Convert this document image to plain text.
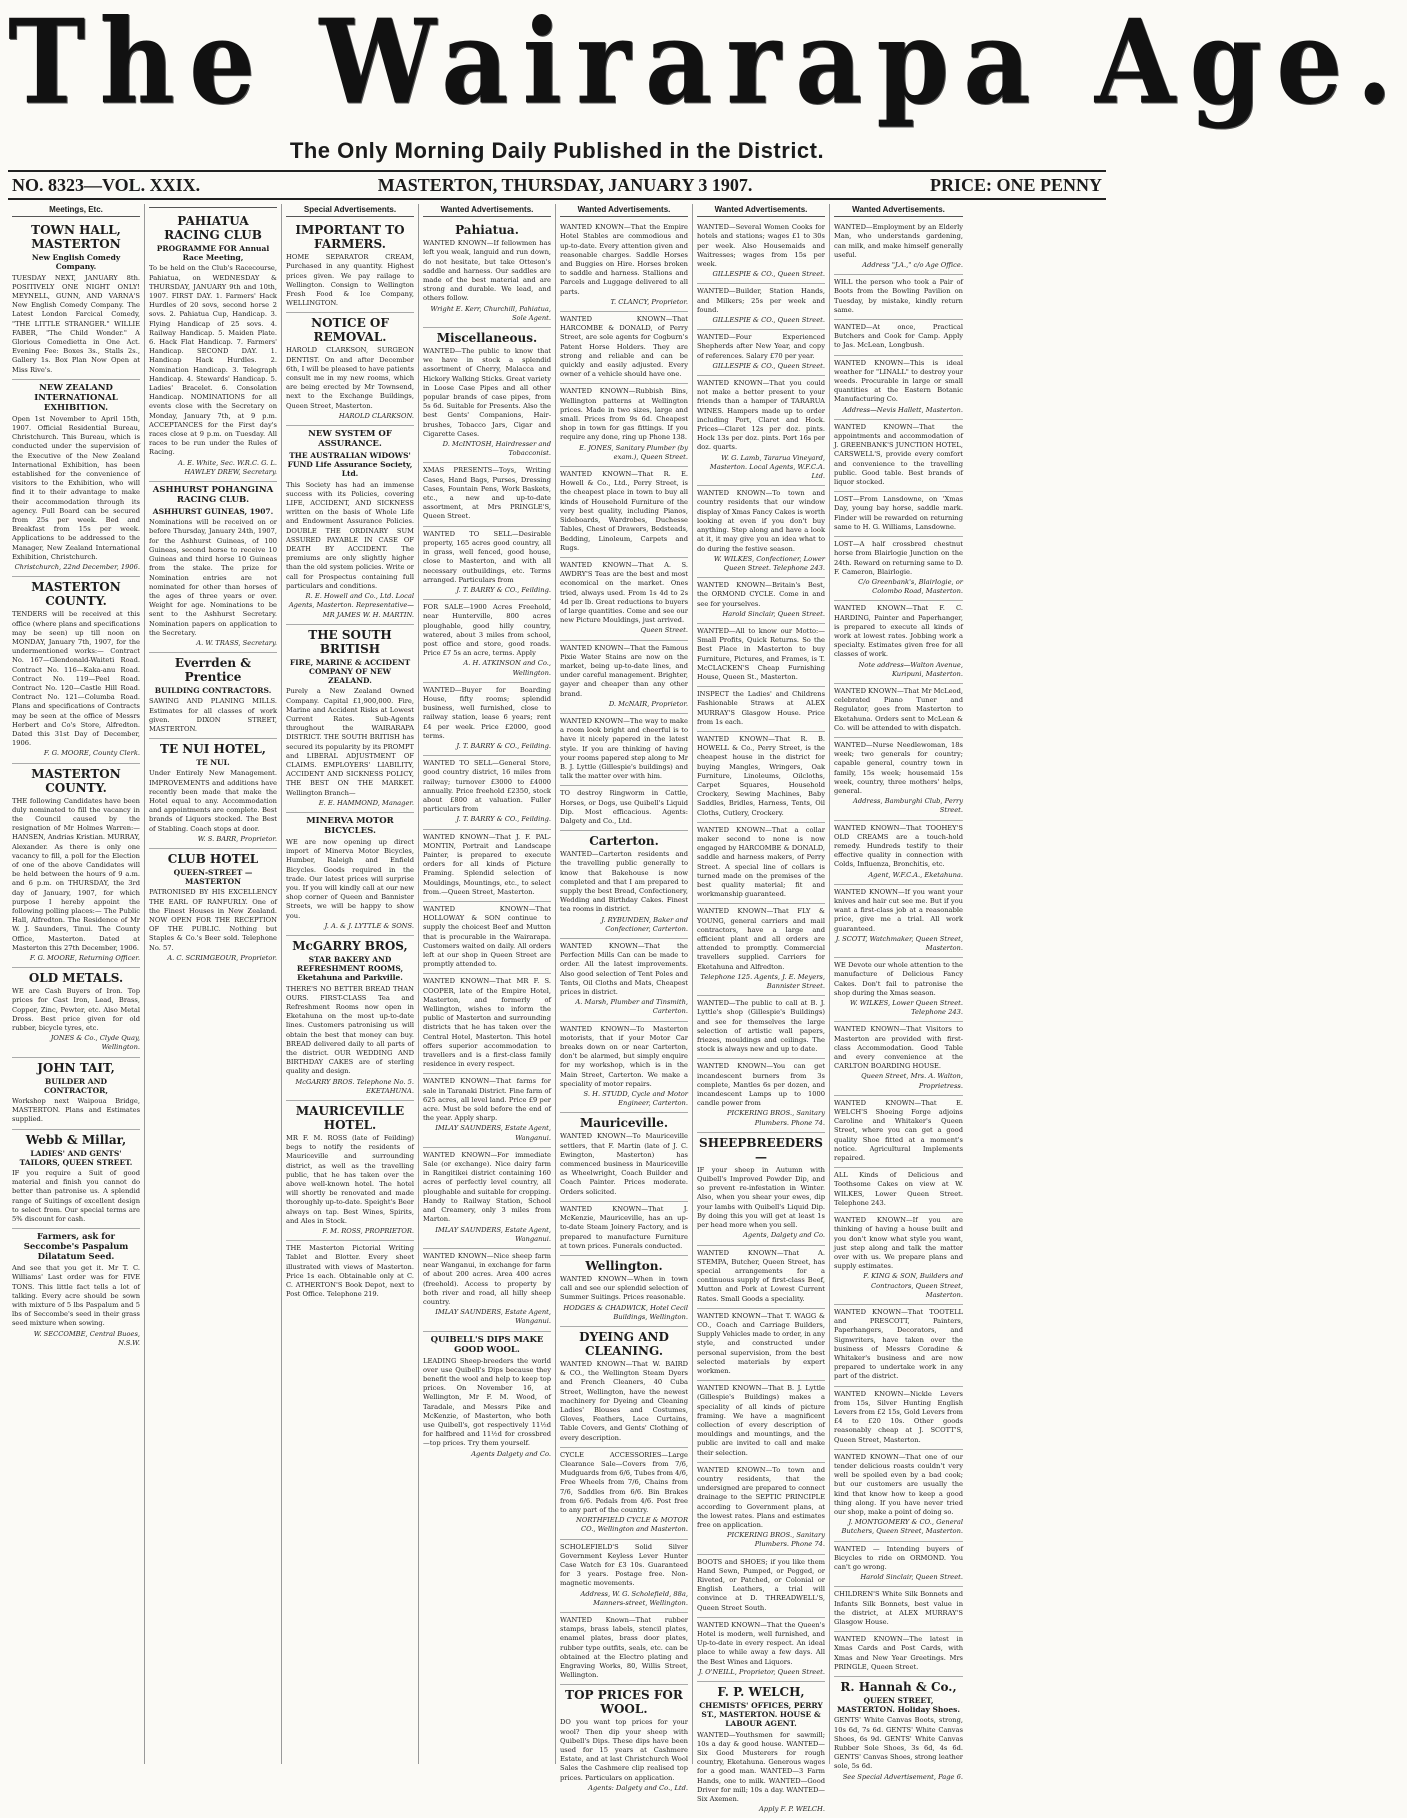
The Wairarapa Age.
The Only Morning Daily Published in the District.
NO. 8323—VOL. XXIX.	MASTERTON, THURSDAY, JANUARY 3 1907.	PRICE: ONE PENNY
Meetings, Etc.
TOWN HALL, MASTERTON
New English Comedy Company.
TUESDAY NEXT, JANUARY 8th. POSITIVELY ONE NIGHT ONLY! MEYNELL, GUNN, AND VARNA'S New English Comedy Company. The Latest London Farcical Comedy, "THE LITTLE STRANGER." WILLIE FABER, "The Child Wonder." A Glorious Comedietta in One Act. Evening Fee: Boxes 3s., Stalls 2s., Gallery 1s. Box Plan Now Open at Miss Rive's.
NEW ZEALAND INTERNATIONAL EXHIBITION.
Open 1st November to April 15th, 1907. Official Residential Bureau, Christchurch. This Bureau, which is conducted under the supervision of the Executive of the New Zealand International Exhibition, has been established for the convenience of visitors to the Exhibition, who will find it to their advantage to make their accommodation through its agency. Full Board can be secured from 25s per week. Bed and Breakfast from 15s per week. Applications to be addressed to the Manager, New Zealand International Exhibition, Christchurch.
Christchurch, 22nd December, 1906.
MASTERTON COUNTY.
TENDERS will be received at this office (where plans and specifications may be seen) up till noon on MONDAY, January 7th, 1907, for the undermentioned works:— Contract No. 167—Glendonald-Waiteti Road. Contract No. 116—Kaka-anu Road. Contract No. 119—Peel Road. Contract No. 120—Castle Hill Road. Contract No. 121—Columba Road. Plans and specifications of Contracts may be seen at the office of Messrs Herbert and Co's Store, Alfredton. Dated this 31st Day of December, 1906.
F. G. MOORE, County Clerk.
MASTERTON COUNTY.
THE following Candidates have been duly nominated to fill the vacancy in the Council caused by the resignation of Mr Holmes Warren:— HANSEN, Andrias Kristian. MURRAY, Alexander. As there is only one vacancy to fill, a poll for the Election of one of the above Candidates will be held between the hours of 9 a.m. and 6 p.m. on THURSDAY, the 3rd day of January, 1907, for which purpose I hereby appoint the following polling places:— The Public Hall, Alfredton. The Residence of Mr W. J. Saunders, Tinui. The County Office, Masterton. Dated at Masterton this 27th December, 1906.
F. G. MOORE, Returning Officer.
OLD METALS.
WE are Cash Buyers of Iron. Top prices for Cast Iron, Lead, Brass, Copper, Zinc, Pewter, etc. Also Metal Dross. Best price given for old rubber, bicycle tyres, etc.
JONES & Co., Clyde Quay, Wellington.
JOHN TAIT,
BUILDER AND CONTRACTOR,
Workshop next Waipoua Bridge, MASTERTON. Plans and Estimates supplied.
Webb & Millar,
LADIES' AND GENTS' TAILORS, QUEEN STREET.
IF you require a Suit of good material and finish you cannot do better than patronise us. A splendid range of Suitings of excellent design to select from. Our special terms are 5% discount for cash.
Farmers, ask for Seccombe's Paspalum Dilatatum Seed.
And see that you get it. Mr T. C. Williams' Last order was for FIVE TONS. This little fact tells a lot of talking. Every acre should be sown with mixture of 5 lbs Paspalum and 5 lbs of Seccombe's seed in their grass seed mixture when sowing.
W. SECCOMBE, Central Buoes, N.S.W.
PAHIATUA RACING CLUB
PROGRAMME FOR Annual Race Meeting,
To be held on the Club's Racecourse, Pahiatua, on WEDNESDAY & THURSDAY, JANUARY 9th and 10th, 1907. FIRST DAY. 1. Farmers' Hack Hurdles of 20 sovs, second horse 2 sovs. 2. Pahiatua Cup, Handicap. 3. Flying Handicap of 25 sovs. 4. Railway Handicap. 5. Maiden Plate. 6. Hack Flat Handicap. 7. Farmers' Handicap. SECOND DAY. 1. Handicap Hack Hurdles. 2. Nomination Handicap. 3. Telegraph Handicap. 4. Stewards' Handicap. 5. Ladies' Bracelet. 6. Consolation Handicap. NOMINATIONS for all events close with the Secretary on Monday, January 7th, at 9 p.m. ACCEPTANCES for the First day's races close at 9 p.m. on Tuesday. All races to be run under the Rules of Racing.
A. E. White, Sec. W.R.C. G. L. HAWLEY DREW, Secretary.
ASHHURST POHANGINA RACING CLUB.
ASHHURST GUINEAS, 1907.
Nominations will be received on or before Thursday, January 24th, 1907, for the Ashhurst Guineas, of 100 Guineas, second horse to receive 10 Guineas and third horse 10 Guineas from the stake. The prize for Nomination entries are not nominated for other than horses of the ages of three years or over. Weight for age. Nominations to be sent to the Ashhurst Secretary. Nomination papers on application to the Secretary.
A. W. TRASS, Secretary.
Everrden & Prentice
BUILDING CONTRACTORS.
SAWING AND PLANING MILLS. Estimates for all classes of work given. DIXON STREET, MASTERTON.
TE NUI HOTEL,
TE NUI.
Under Entirely New Management. IMPROVEMENTS and additions have recently been made that make the Hotel equal to any. Accommodation and appointments are complete. Best brands of Liquors stocked. The Best of Stabling. Coach stops at door.
W. S. BARR, Proprietor.
CLUB HOTEL
QUEEN-STREET — MASTERTON
PATRONISED BY HIS EXCELLENCY THE EARL OF RANFURLY. One of the Finest Houses in New Zealand. NOW OPEN FOR THE RECEPTION OF THE PUBLIC. Nothing but Staples & Co.'s Beer sold. Telephone No. 57.
A. C. SCRIMGEOUR, Proprietor.
Special Advertisements.
IMPORTANT TO FARMERS.
HOME SEPARATOR CREAM, Purchased in any quantity. Highest prices given. We pay railage to Wellington. Consign to Wellington Fresh Food & Ice Company, WELLINGTON.
NOTICE OF REMOVAL.
HAROLD CLARKSON, SURGEON DENTIST. On and after December 6th, I will be pleased to have patients consult me in my new rooms, which are being erected by Mr Townsend, next to the Exchange Buildings, Queen Street, Masterton.
HAROLD CLARKSON.
NEW SYSTEM OF ASSURANCE.
THE AUSTRALIAN WIDOWS' FUND Life Assurance Society, Ltd.
This Society has had an immense success with its Policies, covering LIFE, ACCIDENT, AND SICKNESS written on the basis of Whole Life and Endowment Assurance Policies. DOUBLE THE ORDINARY SUM ASSURED PAYABLE IN CASE OF DEATH BY ACCIDENT. The premiums are only slightly higher than the old system policies. Write or call for Prospectus containing full particulars and conditions.
R. E. Howell and Co., Ltd. Local Agents, Masterton. Representative—MR JAMES W. H. MARTIN.
THE SOUTH BRITISH
FIRE, MARINE & ACCIDENT COMPANY OF NEW ZEALAND.
Purely a New Zealand Owned Company. Capital £1,900,000. Fire, Marine and Accident Risks at Lowest Current Rates. Sub-Agents throughout the WAIRARAPA DISTRICT. THE SOUTH BRITISH has secured its popularity by its PROMPT and LIBERAL ADJUSTMENT OF CLAIMS. EMPLOYERS' LIABILITY, ACCIDENT AND SICKNESS POLICY, THE BEST ON THE MARKET. Wellington Branch—
E. E. HAMMOND, Manager.
MINERVA MOTOR BICYCLES.
WE are now opening up direct import of Minerva Motor Bicycles, Humber, Raleigh and Enfield Bicycles. Goods required in the trade. Our latest prices will surprise you. If you will kindly call at our new shop corner of Queen and Bannister Streets, we will be happy to show you.
J. A. & J. LYTTLE & SONS.
McGARRY BROS,
STAR BAKERY AND REFRESHMENT ROOMS, Eketahuna and Parkville.
THERE'S NO BETTER BREAD THAN OURS. FIRST-CLASS Tea and Refreshment Rooms now open in Eketahuna on the most up-to-date lines. Customers patronising us will obtain the best that money can buy. BREAD delivered daily to all parts of the district. OUR WEDDING AND BIRTHDAY CAKES are of sterling quality and design.
McGARRY BROS. Telephone No. 5. EKETAHUNA.
MAURICEVILLE HOTEL.
MR F. M. ROSS (late of Feilding) begs to notify the residents of Mauriceville and surrounding district, as well as the travelling public, that he has taken over the above well-known hotel. The hotel will shortly be renovated and made thoroughly up-to-date. Speight's Beer always on tap. Best Wines, Spirits, and Ales in Stock.
F. M. ROSS, PROPRIETOR.
THE Masterton Pictorial Writing Tablet and Blotter. Every sheet illustrated with views of Masterton. Price 1s each. Obtainable only at C. C. ATHERTON'S Book Depot, next to Post Office. Telephone 219.
Wanted Advertisements.
Pahiatua.
WANTED KNOWN—If fellowmen has left you weak, languid and run down, do not hesitate, but take Otteson's saddle and harness. Our saddles are made of the best material and are strong and durable. We lead, and others follow.
Wright E. Kerr, Churchill, Pahiatua, Sole Agent.
Miscellaneous.
WANTED—The public to know that we have in stock a splendid assortment of Cherry, Malacca and Hickory Walking Sticks. Great variety in Loose Case Pipes and all other popular brands of case pipes, from 5s 6d. Suitable for Presents. Also the best Gents' Companions, Hair-brushes, Tobacco Jars, Cigar and Cigarette Cases.
D. McINTOSH, Hairdresser and Tobacconist.
XMAS PRESENTS—Toys, Writing Cases, Hand Bags, Purses, Dressing Cases, Fountain Pens, Work Baskets, etc., a new and up-to-date assortment, at Mrs PRINGLE'S, Queen Street.
WANTED TO SELL—Desirable property, 165 acres good country, all in grass, well fenced, good house, close to Masterton, and with all necessary outbuildings, etc. Terms arranged. Particulars from
J. T. BARRY & CO., Feilding.
FOR SALE—1900 Acres Freehold, near Hunterville, 800 acres ploughable, good hilly country, watered, about 3 miles from school, post office and store, good roads. Price £7 5s an acre, terms. Apply
A. H. ATKINSON and Co., Wellington.
WANTED—Buyer for Boarding House, fifty rooms; splendid business, well furnished, close to railway station, lease 6 years; rent £4 per week. Price £2000, good terms.
J. T. BARRY & CO., Feilding.
WANTED TO SELL—General Store, good country district, 16 miles from railway; turnover £3000 to £4000 annually. Price freehold £2350, stock about £800 at valuation. Fuller particulars from
J. T. BARRY & CO., Feilding.
WANTED KNOWN—That J. F. PAL-MONTIN, Portrait and Landscape Painter, is prepared to execute orders for all kinds of Picture Framing. Splendid selection of Mouldings, Mountings, etc., to select from.—Queen Street, Masterton.
WANTED KNOWN—That HOLLOWAY & SON continue to supply the choicest Beef and Mutton that is procurable in the Wairarapa. Customers waited on daily. All orders left at our shop in Queen Street are promptly attended to.
WANTED KNOWN—That MR F. S. COOPER, late of the Empire Hotel, Masterton, and formerly of Wellington, wishes to inform the public of Masterton and surrounding districts that he has taken over the Central Hotel, Masterton. This hotel offers superior accommodation to travellers and is a first-class family residence in every respect.
WANTED KNOWN—That farms for sale in Taranaki District. Fine farm of 625 acres, all level land. Price £9 per acre. Must be sold before the end of the year. Apply sharp.
IMLAY SAUNDERS, Estate Agent, Wanganui.
WANTED KNOWN—For immediate Sale (or exchange). Nice dairy farm in Rangitikei district containing 160 acres of perfectly level country, all ploughable and suitable for cropping. Handy to Railway Station, School and Creamery, only 3 miles from Marton.
IMLAY SAUNDERS, Estate Agent, Wanganui.
WANTED KNOWN—Nice sheep farm near Wanganui, in exchange for farm of about 200 acres. Area 400 acres (freehold). Access to property by both river and road, all hilly sheep country.
IMLAY SAUNDERS, Estate Agent, Wanganui.
QUIBELL'S DIPS MAKE GOOD WOOL.
LEADING Sheep-breeders the world over use Quibell's Dips because they benefit the wool and help to keep top prices. On November 16, at Wellington, Mr F. M. Wood, of Taradale, and Messrs Pike and McKenzie, of Masterton, who both use Quibell's, got respectively 11½d for halfbred and 11½d for crossbred—top prices. Try them yourself.
Agents Dalgety and Co.
Wanted Advertisements.
WANTED KNOWN—That the Empire Hotel Stables are commodious and up-to-date. Every attention given and reasonable charges. Saddle Horses and Buggies on Hire. Horses broken to saddle and harness. Stallions and Parcels and Luggage delivered to all parts.
T. CLANCY, Proprietor.
WANTED KNOWN—That HARCOMBE & DONALD, of Perry Street, are sole agents for Cogburn's Patent Horse Holders. They are strong and reliable and can be quickly and easily adjusted. Every owner of a vehicle should have one.
WANTED KNOWN—Rubbish Bins, Wellington patterns at Wellington prices. Made in two sizes, large and small. Prices from 9s 6d. Cheapest shop in town for gas fittings. If you require any done, ring up Phone 138.
E. JONES, Sanitary Plumber (by exam.), Queen Street.
WANTED KNOWN—That R. E. Howell & Co., Ltd., Perry Street, is the cheapest place in town to buy all kinds of Household Furniture of the very best quality, including Pianos, Sideboards, Wardrobes, Duchesse Tables, Chest of Drawers, Bedsteads, Bedding, Linoleum, Carpets and Rugs.
WANTED KNOWN—That A. S. AWDRY'S Teas are the best and most economical on the market. Ones tried, always used. From 1s 4d to 2s 4d per lb. Great reductions to buyers of large quantities. Come and see our new Picture Mouldings, just arrived.
Queen Street.
WANTED KNOWN—That the Famous Pixie Water Stains are now on the market, being up-to-date lines, and under careful management. Brighter, gayer and cheaper than any other brand.
D. McNAIR, Proprietor.
WANTED KNOWN—The way to make a room look bright and cheerful is to have it nicely papered in the latest style. If you are thinking of having your rooms papered step along to Mr B. J. Lyttle (Gillespie's buildings) and talk the matter over with him.
TO destroy Ringworm in Cattle, Horses, or Dogs, use Quibell's Liquid Dip. Most efficacious. Agents: Dalgety and Co., Ltd.
Carterton.
WANTED—Carterton residents and the travelling public generally to know that Bakehouse is now completed and that I am prepared to supply the best Bread, Confectionery, Wedding and Birthday Cakes. Finest tea rooms in district.
J. RYBUNDEN, Baker and Confectioner, Carterton.
WANTED KNOWN—That the Perfection Mills Can can be made to order. All the latest improvements. Also good selection of Tent Poles and Tents, Oil Cloths and Mats, Cheapest prices in district.
A. Marsh, Plumber and Tinsmith, Carterton.
WANTED KNOWN—To Masterton motorists, that if your Motor Car breaks down on or near Carterton, don't be alarmed, but simply enquire for my workshop, which is in the Main Street, Carterton. We make a speciality of motor repairs.
S. H. STUDD, Cycle and Motor Engineer, Carterton.
Mauriceville.
WANTED KNOWN—To Mauriceville settlers, that F. Martin (late of J. C. Ewington, Masterton) has commenced business in Mauriceville as Wheelwright, Coach Builder and Coach Painter. Prices moderate. Orders solicited.
WANTED KNOWN—That J. McKenzie, Mauriceville, has an up-to-date Steam Joinery Factory, and is prepared to manufacture Furniture at town prices. Funerals conducted.
Wellington.
WANTED KNOWN—When in town call and see our splendid selection of Summer Suitings. Prices reasonable.
HODGES & CHADWICK, Hotel Cecil Buildings, Wellington.
DYEING AND CLEANING.
WANTED KNOWN—That W. BAIRD & CO., the Wellington Steam Dyers and French Cleaners, 40 Cuba Street, Wellington, have the newest machinery for Dyeing and Cleaning Ladies' Blouses and Costumes, Gloves, Feathers, Lace Curtains, Table Covers, and Gents' Clothing of every description.
CYCLE ACCESSORIES—Large Clearance Sale—Covers from 7/6, Mudguards from 6/6, Tubes from 4/6, Free Wheels from 7/6, Chains from 7/6, Saddles from 6/6. Bin Brakes from 6/6. Pedals from 4/6. Post free to any part of the country.
NORTHFIELD CYCLE & MOTOR CO., Wellington and Masterton.
SCHOLEFIELD'S Solid Silver Government Keyless Lever Hunter Case Watch for £3 10s. Guaranteed for 3 years. Postage free. Non-magnetic movements.
Address, W. G. Scholefield, 88a, Manners-street, Wellington.
WANTED Known—That rubber stamps, brass labels, stencil plates, enamel plates, brass door plates, rubber type outfits, seals, etc. can be obtained at the Electro plating and Engraving Works, 80, Willis Street, Wellington.
TOP PRICES FOR WOOL.
DO you want top prices for your wool? Then dip your sheep with Quibell's Dips. These dips have been used for 15 years at Cashmere Estate, and at last Christchurch Wool Sales the Cashmere clip realised top prices. Particulars on application.
Agents: Dalgety and Co., Ltd.
Wanted Advertisements.
WANTED—Several Women Cooks for hotels and stations; wages £1 to 30s per week. Also Housemaids and Waitresses; wages from 15s per week.
GILLESPIE & CO., Queen Street.
WANTED—Builder, Station Hands, and Milkers; 25s per week and found.
GILLESPIE & CO., Queen Street.
WANTED—Four Experienced Shepherds after New Year, and copy of references. Salary £70 per year.
GILLESPIE & CO., Queen Street.
WANTED KNOWN—That you could not make a better present to your friends than a hamper of TARARUA WINES. Hampers made up to order including Port, Claret and Hock. Prices—Claret 12s per doz. pints. Hock 13s per doz. pints. Port 16s per doz. quarts.
W. G. Lamb, Tararua Vineyard, Masterton. Local Agents, W.F.C.A. Ltd.
WANTED KNOWN—To town and country residents that our window display of Xmas Fancy Cakes is worth looking at even if you don't buy anything. Step along and have a look at it, it may give you an idea what to do during the festive season.
W. WILKES, Confectioner, Lower Queen Street. Telephone 243.
WANTED KNOWN—Britain's Best, the ORMOND CYCLE. Come in and see for yourselves.
Harold Sinclair, Queen Street.
WANTED—All to know our Motto:— Small Profits, Quick Returns. So the Best Place in Masterton to buy Furniture, Pictures, and Frames, is T. McCLACKEN'S Cheap Furnishing House, Queen St., Masterton.
INSPECT the Ladies' and Childrens Fashionable Straws at ALEX MURRAY'S Glasgow House. Price from 1s each.
WANTED KNOWN—That R. B. HOWELL & Co., Perry Street, is the cheapest house in the district for buying Mangles, Wringers, Oak Furniture, Linoleums, Oilcloths, Carpet Squares, Household Crockery, Sewing Machines, Baby Saddles, Bridles, Harness, Tents, Oil Cloths, Cutlery, Crockery.
WANTED KNOWN—That a collar maker second to none is now engaged by HARCOMBE & DONALD, saddle and harness makers, of Perry Street. A special line of collars is turned made on the premises of the best quality material; fit and workmanship guaranteed.
WANTED KNOWN—That FLY & YOUNG, general carriers and mail contractors, have a large and efficient plant and all orders are attended to promptly. Commercial travellers supplied. Carriers for Eketahuna and Alfredton.
Telephone 125. Agents, J. E. Meyers, Bannister Street.
WANTED—The public to call at B. J. Lyttle's shop (Gillespie's Buildings) and see for themselves the large selection of artistic wall papers, friezes, mouldings and ceilings. The stock is always new and up to date.
WANTED KNOWN—You can get incandescent burners from 3s complete, Mantles 6s per dozen, and incandescent Lamps up to 1000 candle power from
PICKERING BROS., Sanitary Plumbers. Phone 74.
SHEEPBREEDERS—
IF your sheep in Autumn with Quibell's Improved Powder Dip, and so prevent re-infestation in Winter. Also, when you shear your ewes, dip your lambs with Quibell's Liquid Dip. By doing this you will get at least 1s per head more when you sell.
Agents, Dalgety and Co.
WANTED KNOWN—That A. STEMPA, Butcher, Queen Street, has special arrangements for a continuous supply of first-class Beef, Mutton and Pork at Lowest Current Rates. Small Goods a speciality.
WANTED KNOWN—That T. WAGG & CO., Coach and Carriage Builders, Supply Vehicles made to order, in any style, and constructed under personal supervision, from the best selected materials by expert workmen.
WANTED KNOWN—That B. J. Lyttle (Gillespie's Buildings) makes a speciality of all kinds of picture framing. We have a magnificent collection of every description of mouldings and mountings, and the public are invited to call and make their selection.
WANTED KNOWN—To town and country residents, that the undersigned are prepared to connect drainage to the SEPTIC PRINCIPLE according to Government plans, at the lowest rates. Plans and estimates free on application.
PICKERING BROS., Sanitary Plumbers. Phone 74.
BOOTS and SHOES; if you like them Hand Sewn, Pumped, or Pegged, or Riveted, or Patched, or Colonial or English Leathers, a trial will convince at D. THREADWELL'S, Queen Street South.
WANTED KNOWN—That the Queen's Hotel is modern, well furnished, and Up-to-date in every respect. An ideal place to while away a few days. All the Best Wines and Liquors.
J. O'NEILL, Proprietor, Queen Street.
F. P. WELCH,
CHEMISTS' OFFICES, PERRY ST., MASTERTON. HOUSE & LABOUR AGENT.
WANTED—Youthsmen for sawmill; 10s a day & good house. WANTED—Six Good Musterers for rough country, Eketahuna. Generous wages for a good man. WANTED—3 Farm Hands, one to milk. WANTED—Good Driver for mill; 10s a day. WANTED—Six Axemen.
Apply F. P. WELCH.
Wanted Advertisements.
WANTED—Employment by an Elderly Man, who understands gardening, can milk, and make himself generally useful.
Address "J.A.," c/o Age Office.
WILL the person who took a Pair of Boots from the Bowling Pavilion on Tuesday, by mistake, kindly return same.
WANTED—At once, Practical Butchers and Cook for Camp. Apply to Jas. McLean, Longbush.
WANTED KNOWN—This is ideal weather for "LINALL" to destroy your weeds. Procurable in large or small quantities at the Eastern Botanic Manufacturing Co.
Address—Nevis Hallett, Masterton.
WANTED KNOWN—That the appointments and accommodation of J. GREENBANK'S JUNCTION HOTEL, CARSWELL'S, provide every comfort and convenience to the travelling public. Good table. Best brands of liquor stocked.
LOST—From Lansdowne, on 'Xmas Day, young bay horse, saddle mark. Finder will be rewarded on returning same to H. G. Williams, Lansdowne.
LOST—A half crossbred chestnut horse from Blairlogie Junction on the 24th. Reward on returning same to D. F. Cameron, Blairlogie.
C/o Greenbank's, Blairlogie, or Colombo Road, Masterton.
WANTED KNOWN—That F. C. HARDING, Painter and Paperhanger, is prepared to execute all kinds of work at lowest rates. Jobbing work a specialty. Estimates given free for all classes of work.
Note address—Walton Avenue, Kuripuni, Masterton.
WANTED KNOWN—That Mr McLeod, celebrated Piano Tuner and Regulator, goes from Masterton to Eketahuna. Orders sent to McLean & Co. will be attended to with dispatch.
WANTED—Nurse Needlewoman, 18s week; two generals for country; capable general, country town in family, 15s week; housemaid 15s week, country, three mothers' helps, general.
Address, Bamburghi Club, Perry Street.
WANTED KNOWN—That TOOHEY'S OLD CREAMS are a touch-hold remedy. Hundreds testify to their effective quality in connection with Colds, Influenza, Bronchitis, etc.
Agent, W.F.C.A., Eketahuna.
WANTED KNOWN—If you want your knives and hair cut see me. But if you want a first-class job at a reasonable price, give me a trial. All work guaranteed.
J. SCOTT, Watchmaker, Queen Street, Masterton.
WE Devote our whole attention to the manufacture of Delicious Fancy Cakes. Don't fail to patronise the shop during the Xmas season.
W. WILKES, Lower Queen Street. Telephone 243.
WANTED KNOWN—That Visitors to Masterton are provided with first-class Accommodation. Good Table and every convenience at the CARLTON BOARDING HOUSE.
Queen Street, Mrs. A. Walton, Proprietress.
WANTED KNOWN—That E. WELCH'S Shoeing Forge adjoins Caroline and Whitaker's Queen Street, where you can get a good quality Shoe fitted at a moment's notice. Agricultural Implements repaired.
ALL Kinds of Delicious and Toothsome Cakes on view at W. WILKES, Lower Queen Street. Telephone 243.
WANTED KNOWN—If you are thinking of having a house built and you don't know what style you want, just step along and talk the matter over with us. We prepare plans and supply estimates.
F. KING & SON, Builders and Contractors, Queen Street, Masterton.
WANTED KNOWN—That TOOTELL and PRESCOTT, Painters, Paperhangers, Decorators, and Signwriters, have taken over the business of Messrs Coradine & Whitaker's business and are now prepared to undertake work in any part of the district.
WANTED KNOWN—Nickle Levers from 15s, Silver Hunting English Levers from £2 15s, Gold Levers from £4 to £20 10s. Other goods reasonably cheap at J. SCOTT'S, Queen Street, Masterton.
WANTED KNOWN—That one of our tender delicious roasts couldn't very well be spoiled even by a bad cook; but our customers are usually the kind that know how to keep a good thing along. If you have never tried our shop, make a point of doing so.
J. MONTGOMERY & CO., General Butchers, Queen Street, Masterton.
WANTED — Intending buyers of Bicycles to ride on ORMOND. You can't go wrong.
Harold Sinclair, Queen Street.
CHILDREN'S White Silk Bonnets and Infants Silk Bonnets, best value in the district, at ALEX MURRAY'S Glasgow House.
WANTED KNOWN—The latest in Xmas Cards and Post Cards, with Xmas and New Year Greetings. Mrs PRINGLE, Queen Street.
R. Hannah & Co.,
QUEEN STREET, MASTERTON. Holiday Shoes.
GENTS' White Canvas Boots, strong, 10s 6d, 7s 6d. GENTS' White Canvas Shoes, 6s 9d. GENTS' White Canvas Rubber Sole Shoes, 3s 6d, 4s 6d. GENTS' Canvas Shoes, strong leather sole, 5s 6d.
See Special Advertisement, Page 6.
